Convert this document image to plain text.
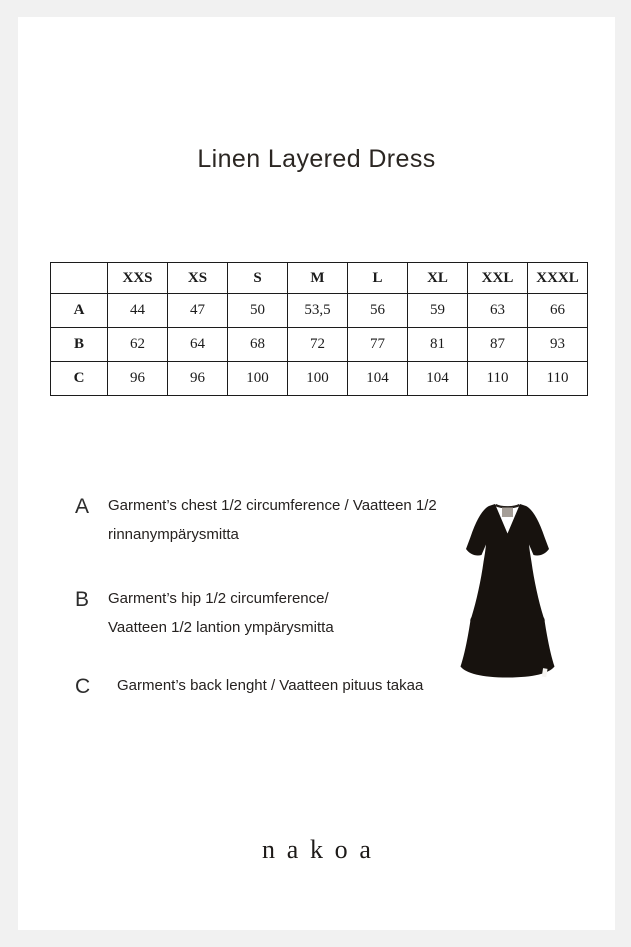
Linen Layered Dress
	XXS	XS	S	M	L	XL	XXL	XXXL
A	44	47	50	53,5	56	59	63	66
B	62	64	68	72	77	81	87	93
C	96	96	100	100	104	104	110	110
A	Garment’s chest 1/2 circumference / Vaatteen 1/2
rinnanympärysmitta
B	Garment’s hip 1/2 circumference/
Vaatteen 1/2 lantion ympärysmitta
C	Garment’s back lenght / Vaatteen pituus takaa
nakoa
